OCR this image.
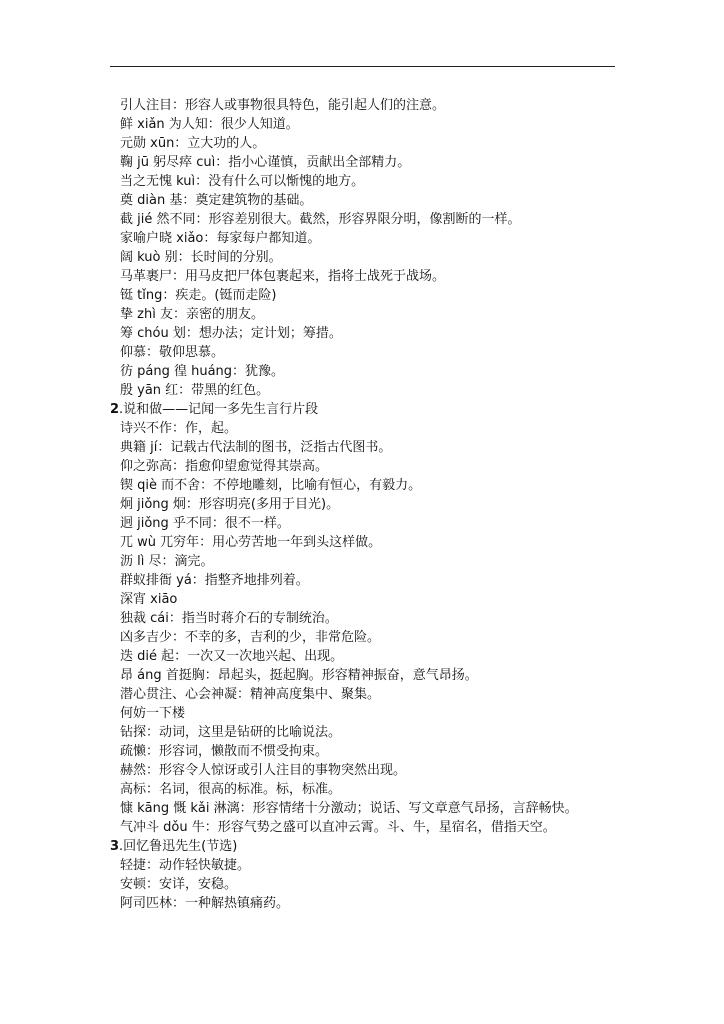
引人注目：形容人或事物很具特色，能引起人们的注意。

鲜 xiǎn 为人知：很少人知道。

元勋 xūn：立大功的人。

鞠 jū 躬尽瘁 cuì：指小心谨慎，贡献出全部精力。

当之无愧 kuì：没有什么可以惭愧的地方。

奠 diàn 基：奠定建筑物的基础。

截 jié 然不同：形容差别很大。截然，形容界限分明，像割断的一样。

家喻户晓 xiǎo：每家每户都知道。

阔 kuò 别：长时间的分别。

马革裹尸：用马皮把尸体包裹起来，指将士战死于战场。

铤 tǐng：疾走。(铤而走险)

挚 zhì 友：亲密的朋友。

筹 chóu 划：想办法；定计划；筹措。

仰慕：敬仰思慕。

彷 páng 徨 huáng：犹豫。

殷 yān 红：带黑的红色。

2.说和做——记闻一多先生言行片段

诗兴不作：作，起。

典籍 jí：记载古代法制的图书，泛指古代图书。

仰之弥高：指愈仰望愈觉得其崇高。

锲 qiè 而不舍：不停地雕刻，比喻有恒心，有毅力。

炯 jiǒng 炯：形容明亮(多用于目光)。

迥 jiǒng 乎不同：很不一样。

兀 wù 兀穷年：用心劳苦地一年到头这样做。

沥 lì 尽：滴完。

群蚁排衙 yá：指整齐地排列着。

深宵 xiāo

独裁 cái：指当时蒋介石的专制统治。

凶多吉少：不幸的多，吉利的少，非常危险。

迭 dié 起：一次又一次地兴起、出现。

昂 áng 首挺胸：昂起头，挺起胸。形容精神振奋，意气昂扬。

潜心贯注、心会神凝：精神高度集中、聚集。

何妨一下楼

钻探：动词，这里是钻研的比喻说法。

疏懒：形容词，懒散而不惯受拘束。

赫然：形容令人惊讶或引人注目的事物突然出现。

高标：名词，很高的标准。标，标准。

慷 kāng 慨 kǎi 淋漓：形容情绪十分激动；说话、写文章意气昂扬，言辞畅快。

气冲斗 dǒu 牛：形容气势之盛可以直冲云霄。斗、牛，星宿名，借指天空。

3.回忆鲁迅先生(节选)

轻捷：动作轻快敏捷。

安顿：安详，安稳。

阿司匹林：一种解热镇痛药。
